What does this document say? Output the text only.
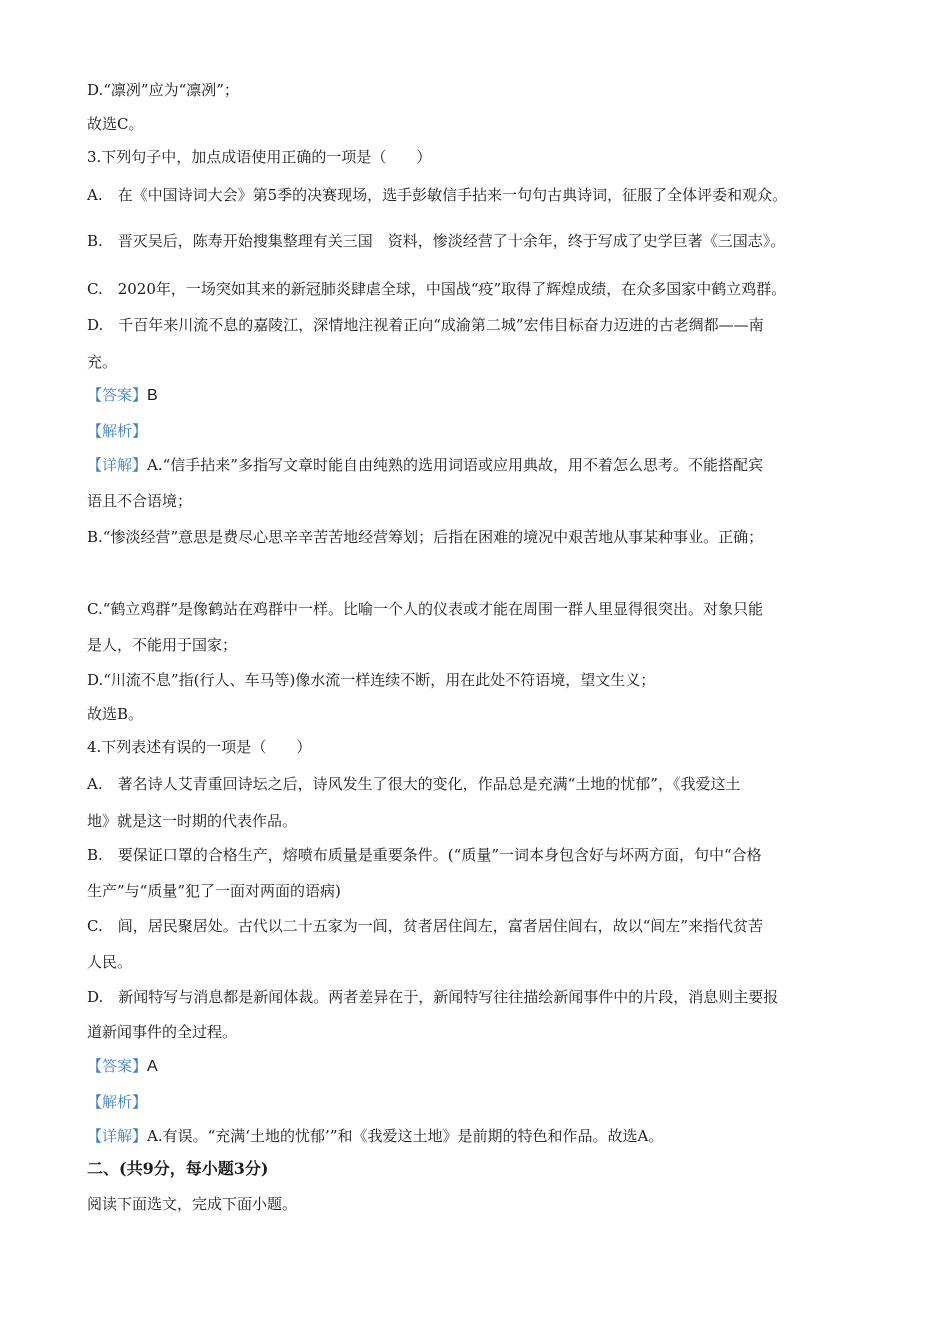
D.“凛冽”应为“凛冽”；
故选C。
3.下列句子中，加点成语使用正确的一项是（　　）
A.　在《中国诗词大会》第5季的决赛现场，选手彭敏信手拈来一句句古典诗词，征服了全体评委和观众。
B.　晋灭吴后，陈寿开始搜集整理有关三国　资料，惨淡经营了十余年，终于写成了史学巨著《三国志》。
C.　2020年，一场突如其来的新冠肺炎肆虐全球，中国战“疫”取得了辉煌成绩，在众多国家中鹤立鸡群。
D.　千百年来川流不息的嘉陵江，深情地注视着正向“成渝第二城”宏伟目标奋力迈进的古老绸都——南
充。
【答案】B
【解析】
【详解】A.“信手拈来”多指写文章时能自由纯熟的选用词语或应用典故，用不着怎么思考。不能搭配宾
语且不合语境；
B.“惨淡经营”意思是费尽心思辛辛苦苦地经营筹划；后指在困难的境况中艰苦地从事某种事业。正确；
C.“鹤立鸡群”是像鹤站在鸡群中一样。比喻一个人的仪表或才能在周围一群人里显得很突出。对象只能
是人，不能用于国家；
D.“川流不息”指(行人、车马等)像水流一样连续不断，用在此处不符语境，望文生义；
故选B。
4.下列表述有误的一项是（　　）
A.　著名诗人艾青重回诗坛之后，诗风发生了很大的变化，作品总是充满“土地的忧郁”，《我爱这土
地》就是这一时期的代表作品。
B.　要保证口罩的合格生产，熔喷布质量是重要条件。(“质量”一词本身包含好与坏两方面，句中“合格
生产”与“质量”犯了一面对两面的语病)
C.　闾，居民聚居处。古代以二十五家为一闾，贫者居住闾左，富者居住闾右，故以“闾左”来指代贫苦
人民。
D.　新闻特写与消息都是新闻体裁。两者差异在于，新闻特写往往描绘新闻事件中的片段，消息则主要报
道新闻事件的全过程。
【答案】A
【解析】
【详解】A.有误。“充满‘土地的忧郁’”和《我爱这土地》是前期的特色和作品。故选A。
二、(共9分，每小题3分)
阅读下面选文，完成下面小题。
